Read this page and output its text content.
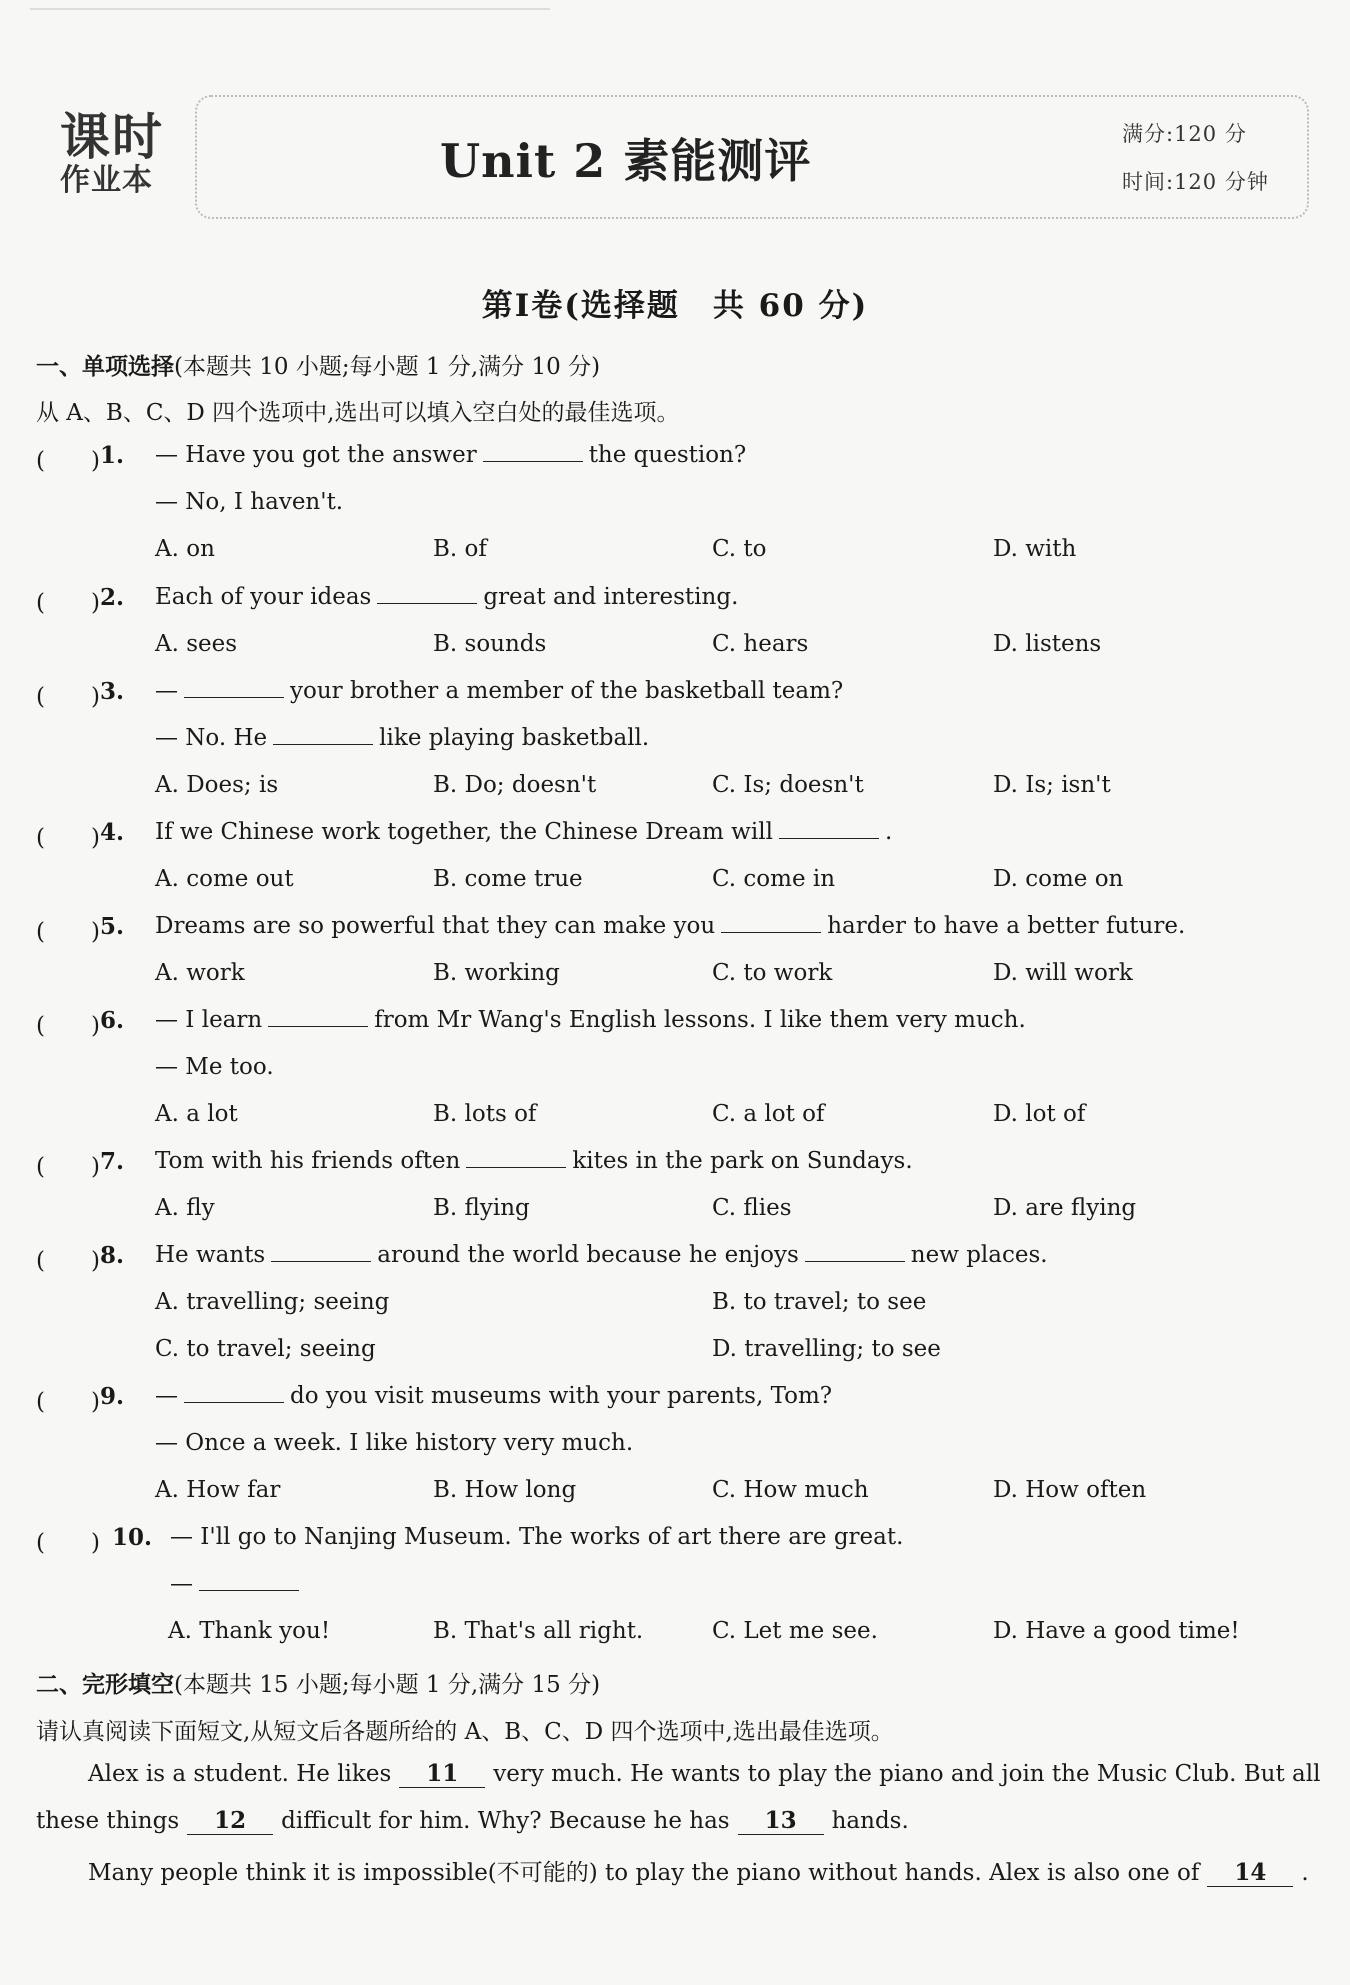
课时
作业本	Unit 2 素能测评	满分:120 分
时间:120 分钟
第Ⅰ卷(选择题　共 60 分)
一、单项选择(本题共 10 小题;每小题 1 分,满分 10 分)
从 A、B、C、D 四个选项中,选出可以填入空白处的最佳选项。
(　　) 1. — Have you got the answer	the question?
— No, I haven't.
A. on	B. of	C. to	D. with
(　　) 2. Each of your ideas	great and interesting.
A. sees	B. sounds	C. hears	D. listens
(　　) 3. —	your brother a member of the basketball team?
— No. He	like playing basketball.
A. Does; is	B. Do; doesn't	C. Is; doesn't	D. Is; isn't
(　　) 4. If we Chinese work together, the Chinese Dream will	.
A. come out	B. come true	C. come in	D. come on
(　　) 5. Dreams are so powerful that they can make you	harder to have a better future.
A. work	B. working	C. to work	D. will work
(　　) 6. — I learn	from Mr Wang's English lessons. I like them very much.
— Me too.
A. a lot	B. lots of	C. a lot of	D. lot of
(　　) 7. Tom with his friends often	kites in the park on Sundays.
A. fly	B. flying	C. flies	D. are flying
(　　) 8. He wants	around the world because he enjoys	new places.
A. travelling; seeing	B. to travel; to see
C. to travel; seeing	D. travelling; to see
(　　) 9. —	do you visit museums with your parents, Tom?
— Once a week. I like history very much.
A. How far	B. How long	C. How much	D. How often
(　　) 10. — I'll go to Nanjing Museum. The works of art there are great.
—
A. Thank you!	B. That's all right.	C. Let me see.	D. Have a good time!
二、完形填空(本题共 15 小题;每小题 1 分,满分 15 分)
请认真阅读下面短文,从短文后各题所给的 A、B、C、D 四个选项中,选出最佳选项。
Alex is a student. He likes 11 very much. He wants to play the piano and join the Music Club. But all
these things 12 difficult for him. Why? Because he has 13 hands.
Many people think it is impossible(不可能的) to play the piano without hands. Alex is also one of 14 .
